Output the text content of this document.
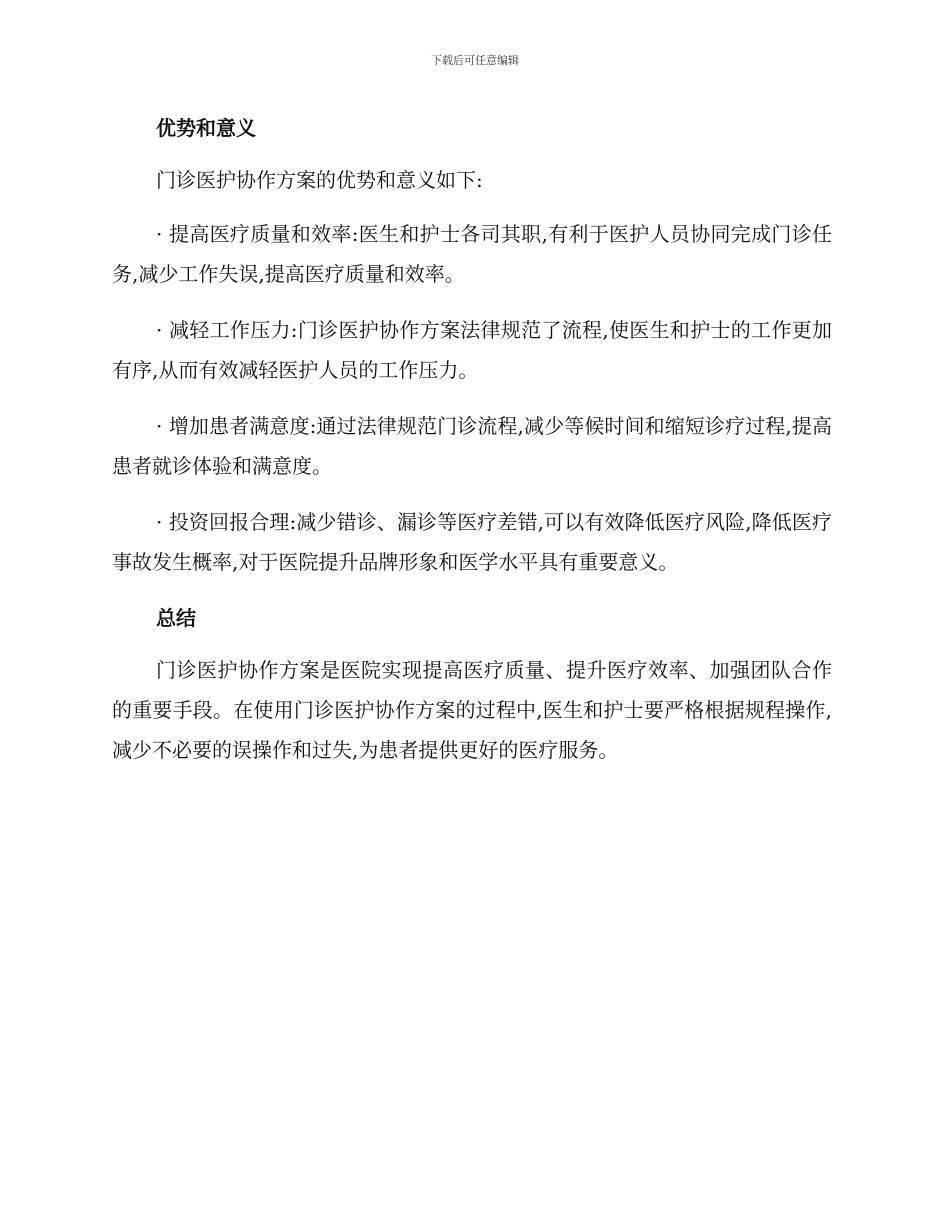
下载后可任意编辑
优势和意义

门诊医护协作方案的优势和意义如下:

· 提高医疗质量和效率:医生和护士各司其职,有利于医护人员协同完成门诊任务,减少工作失误,提高医疗质量和效率。

· 减轻工作压力:门诊医护协作方案法律规范了流程,使医生和护士的工作更加有序,从而有效减轻医护人员的工作压力。

· 增加患者满意度:通过法律规范门诊流程,减少等候时间和缩短诊疗过程,提高患者就诊体验和满意度。

· 投资回报合理:减少错诊、漏诊等医疗差错,可以有效降低医疗风险,降低医疗事故发生概率,对于医院提升品牌形象和医学水平具有重要意义。

总结

门诊医护协作方案是医院实现提高医疗质量、提升医疗效率、加强团队合作的重要手段。在使用门诊医护协作方案的过程中,医生和护士要严格根据规程操作,减少不必要的误操作和过失,为患者提供更好的医疗服务。
